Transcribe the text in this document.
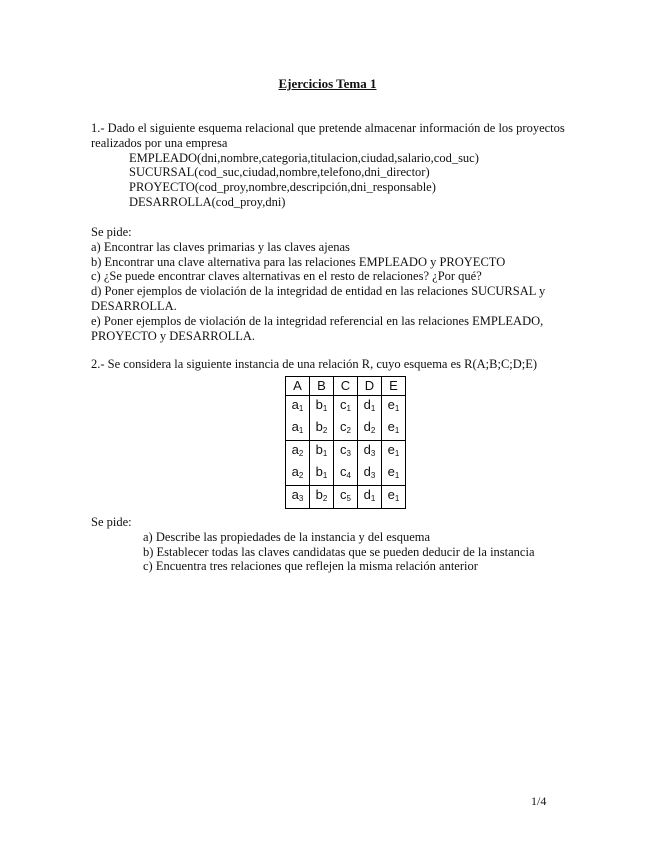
Ejercicios Tema 1

1.- Dado el siguiente esquema relacional que pretende almacenar información de los proyectos realizados por una empresa

EMPLEADO(dni,nombre,categoria,titulacion,ciudad,salario,cod_suc)

SUCURSAL(cod_suc,ciudad,nombre,telefono,dni_director)

PROYECTO(cod_proy,nombre,descripción,dni_responsable)

DESARROLLA(cod_proy,dni)

Se pide:

a) Encontrar las claves primarias y las claves ajenas

b) Encontrar una clave alternativa para las relaciones EMPLEADO y PROYECTO

c) ¿Se puede encontrar claves alternativas en el resto de relaciones? ¿Por qué?

d) Poner ejemplos de violación de la integridad de entidad en las relaciones SUCURSAL y DESARROLLA.

e) Poner ejemplos de violación de la integridad referencial en las relaciones EMPLEADO, PROYECTO y DESARROLLA.

2.- Se considera la siguiente instancia de una relación R, cuyo esquema es R(A;B;C;D;E)

A	B	C	D	E
$a_1$	$b_1$	$c_1$	$d_1$	$e_1$
$a_1$	$b_2$	$c_2$	$d_2$	$e_1$
$a_2$	$b_1$	$c_3$	$d_3$	$e_1$
$a_2$	$b_1$	$c_4$	$d_3$	$e_1$
$a_3$	$b_2$	$c_5$	$d_1$	$e_1$

Se pide:

a) Describe las propiedades de la instancia y del esquema

b) Establecer todas las claves candidatas que se pueden deducir de la instancia

c) Encuentra tres relaciones que reflejen la misma relación anterior

1/4
